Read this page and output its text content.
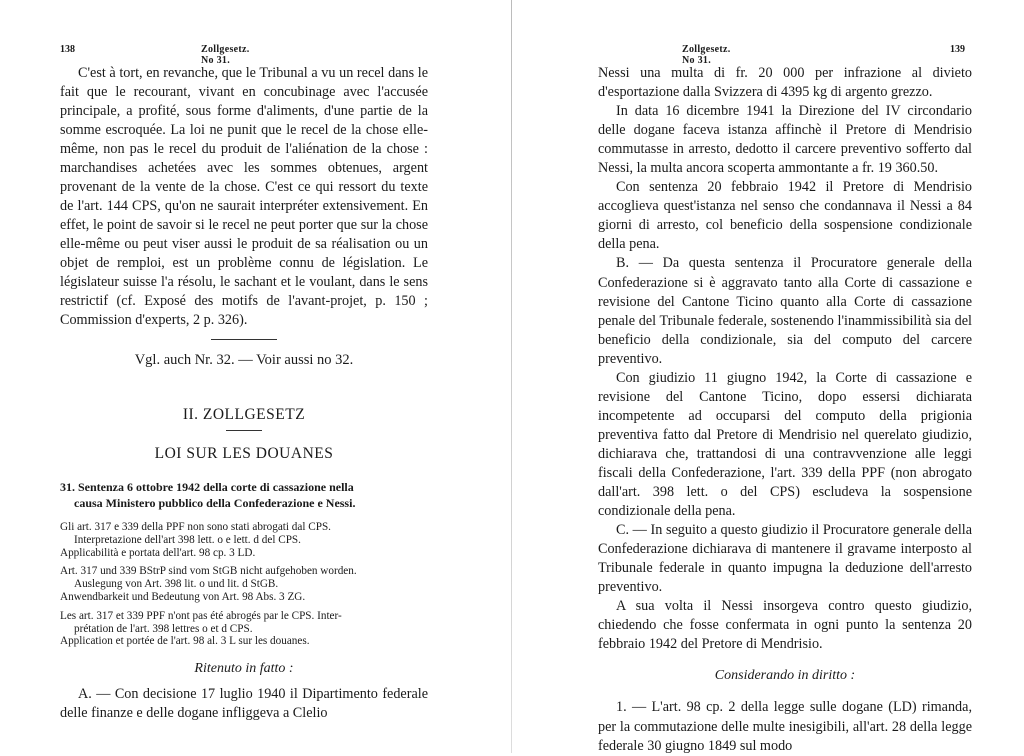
138	Zollgesetz. No 31.

C'est à tort, en revanche, que le Tribunal a vu un recel dans le fait que le recourant, vivant en concubinage avec l'accusée principale, a profité, sous forme d'aliments, d'une partie de la somme escroquée. La loi ne punit que le recel de la chose elle-même, non pas le recel du produit de l'aliénation de la chose : marchandises achetées avec les sommes obtenues, argent provenant de la vente de la chose. C'est ce qui ressort du texte de l'art. 144 CPS, qu'on ne saurait interpréter extensivement. En effet, le point de savoir si le recel ne peut porter que sur la chose elle-même ou peut viser aussi le produit de sa réalisation ou un objet de remploi, est un problème connu de législation. Le législateur suisse l'a résolu, le sachant et le voulant, dans le sens restrictif (cf. Exposé des motifs de l'avant-projet, p. 150 ; Commission d'experts, 2 p. 326).

Vgl. auch Nr. 32. — Voir aussi no 32.

II. ZOLLGESETZ

LOI SUR LES DOUANES

31. Sentenza 6 ottobre 1942 della corte di cassazione nella
causa Ministero pubblico della Confederazione e Nessi.
Gli art. 317 e 339 della PPF non sono stati abrogati dal CPS.
Interpretazione dell'art 398 lett. o e lett. d del CPS.
Applicabilità e portata dell'art. 98 cp. 3 LD.
Art. 317 und 339 BStrP sind vom StGB nicht aufgehoben worden.
Auslegung von Art. 398 lit. o und lit. d StGB.
Anwendbarkeit und Bedeutung von Art. 98 Abs. 3 ZG.
Les art. 317 et 339 PPF n'ont pas été abrogés par le CPS. Inter-
prétation de l'art. 398 lettres o et d CPS.
Application et portée de l'art. 98 al. 3 L sur les douanes.

Ritenuto in fatto :

A. — Con decisione 17 luglio 1940 il Dipartimento federale delle finanze e delle dogane infliggeva a Clelio

Zollgesetz. No 31.
139

Nessi una multa di fr. 20 000 per infrazione al divieto d'esportazione dalla Svizzera di 4395 kg di argento grezzo.

In data 16 dicembre 1941 la Direzione del IV circondario delle dogane faceva istanza affinchè il Pretore di Mendrisio commutasse in arresto, dedotto il carcere preventivo sofferto dal Nessi, la multa ancora scoperta ammontante a fr. 19 360.50.

Con sentenza 20 febbraio 1942 il Pretore di Mendrisio accoglieva quest'istanza nel senso che condannava il Nessi a 84 giorni di arresto, col beneficio della sospensione condizionale della pena.

B. — Da questa sentenza il Procuratore generale della Confederazione si è aggravato tanto alla Corte di cassazione e revisione del Cantone Ticino quanto alla Corte di cassazione penale del Tribunale federale, sostenendo l'inammissibilità sia del beneficio della condizionale, sia del computo del carcere preventivo.

Con giudizio 11 giugno 1942, la Corte di cassazione e revisione del Cantone Ticino, dopo essersi dichiarata incompetente ad occuparsi del computo della prigionia preventiva fatto dal Pretore di Mendrisio nel querelato giudizio, dichiarava che, trattandosi di una contravvenzione alle leggi fiscali della Confederazione, l'art. 339 della PPF (non abrogato dall'art. 398 lett. o del CPS) escludeva la sospensione condizionale della pena.

C. — In seguito a questo giudizio il Procuratore generale della Confederazione dichiarava di mantenere il gravame interposto al Tribunale federale in quanto impugna la deduzione dell'arresto preventivo.

A sua volta il Nessi insorgeva contro questo giudizio, chiedendo che fosse confermata in ogni punto la sentenza 20 febbraio 1942 del Pretore di Mendrisio.

Considerando in diritto :

1. — L'art. 98 cp. 2 della legge sulle dogane (LD) rimanda, per la commutazione delle multe inesigibili, all'art. 28 della legge federale 30 giugno 1849 sul modo
